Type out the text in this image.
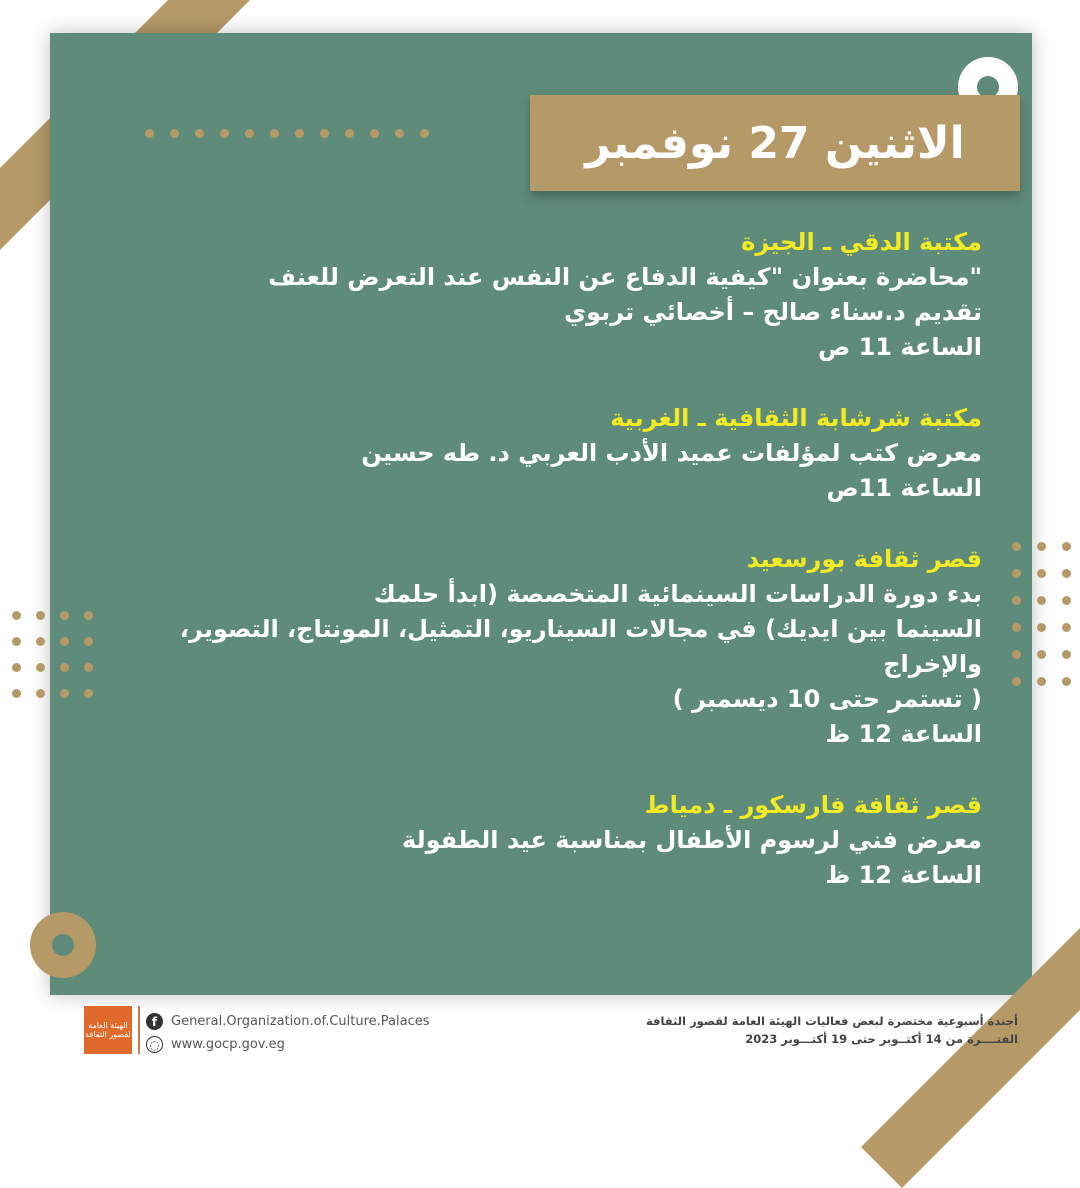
الاثنين 27 نوفمبر

مكتبة الدقي ـ الجيزة

"محاضرة بعنوان "كيفية الدفاع عن النفس عند التعرض للعنف

تقديم د.سناء صالح – أخصائي تربوي

الساعة 11 ص

مكتبة شرشابة الثقافية ـ الغربية

معرض كتب لمؤلفات عميد الأدب العربي د. طه حسين

الساعة 11ص

قصر ثقافة بورسعيد

بدء دورة الدراسات السينمائية المتخصصة (ابدأ حلمك

السينما بين ايديك) في مجالات السيناريو، التمثيل، المونتاج، التصوير، والإخراج

( تستمر حتى 10 ديسمبر )

الساعة 12 ظ

قصر ثقافة فارسكور ـ دمياط

معرض فني لرسوم الأطفال بمناسبة عيد الطفولة

الساعة 12 ظ

الهيئة العامة لقصور الثقافة
f	General.Organization.of.Culture.Palaces
◌ www.gocp.gov.eg
أجندة أسبوعية مختصرة لبعض فعاليات الهيئة العامة لقصور الثقافة
الفتــــرة من 14 أكتــوبر حتى 19 أكتـــوبر 2023
